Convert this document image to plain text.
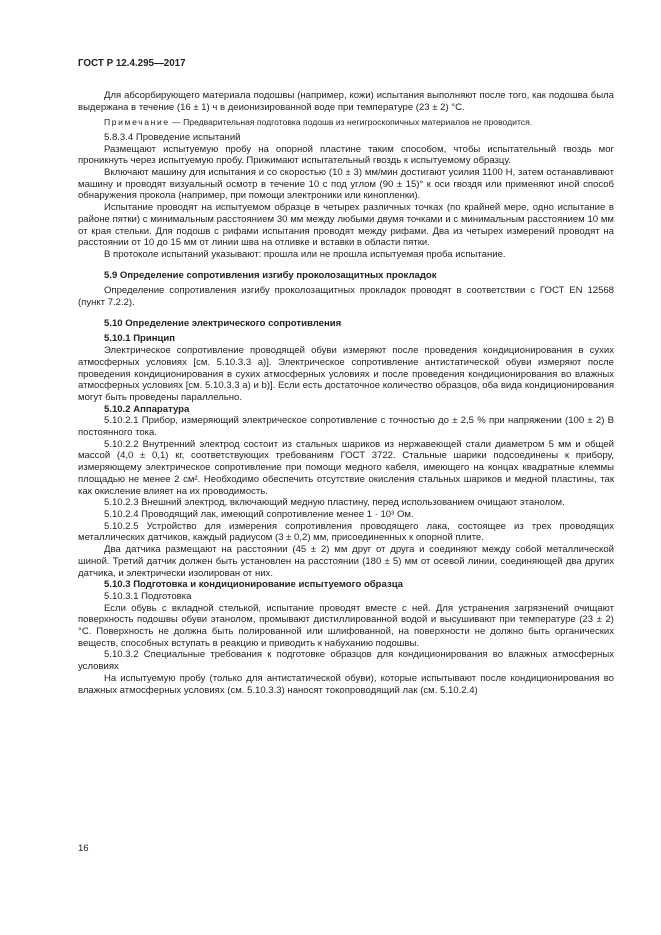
ГОСТ Р 12.4.295—2017

Для абсорбирующего материала подошвы (например, кожи) испытания выполняют после того, как подошва была выдержана в течение (16 ± 1) ч в деионизированной воде при температуре (23 ± 2) °С.

Примечание — Предварительная подготовка подошв из негигроскопичных материалов не проводится.

5.8.3.4 Проведение испытаний

Размещают испытуемую пробу на опорной пластине таким способом, чтобы испытательный гвоздь мог проникнуть через испытуемую пробу. Прижимают испытательный гвоздь к испытуемому образцу.

Включают машину для испытания и со скоростью (10 ± 3) мм/мин достигают усилия 1100 Н, затем останавливают машину и проводят визуальный осмотр в течение 10 с под углом (90 ± 15)° к оси гвоздя или применяют иной способ обнаружения прокола (например, при помощи электроники или кинопленки).

Испытание проводят на испытуемом образце в четырех различных точках (по крайней мере, одно испытание в районе пятки) с минимальным расстоянием 30 мм между любыми двумя точками и с минимальным расстоянием 10 мм от края стельки. Для подошв с рифами испытания проводят между рифами. Два из четырех измерений проводят на расстоянии от 10 до 15 мм от линии шва на отливке и вставки в области пятки.

В протоколе испытаний указывают: прошла или не прошла испытуемая проба испытание.

5.9 Определение сопротивления изгибу проколозащитных прокладок

Определение сопротивления изгибу проколозащитных прокладок проводят в соответствии с ГОСТ EN 12568 (пункт 7.2.2).

5.10 Определение электрического сопротивления

5.10.1 Принцип

Электрическое сопротивление проводящей обуви измеряют после проведения кондиционирования в сухих атмосферных условиях [см. 5.10.3.3 а)]. Электрическое сопротивление антистатической обуви измеряют после проведения кондиционирования в сухих атмосферных условиях и после проведения кондиционирования во влажных атмосферных условиях [см. 5.10.3.3 а) и b)]. Если есть достаточное количество образцов, оба вида кондиционирования могут быть проведены параллельно.

5.10.2 Аппаратура

5.10.2.1 Прибор, измеряющий электрическое сопротивление с точностью до ± 2,5 % при напряжении (100 ± 2) В постоянного тока.

5.10.2.2 Внутренний электрод состоит из стальных шариков из нержавеющей стали диаметром 5 мм и общей массой (4,0 ± 0,1) кг, соответствующих требованиям ГОСТ 3722. Стальные шарики подсоединены к прибору, измеряющему электрическое сопротивление при помощи медного кабеля, имеющего на концах квадратные клеммы площадью не менее 2 см². Необходимо обеспечить отсутствие окисления стальных шариков и медной пластины, так как окисление влияет на их проводимость.

5.10.2.3 Внешний электрод, включающий медную пластину, перед использованием очищают этанолом.

5.10.2.4 Проводящий лак, имеющий сопротивление менее 1 · 10³ Ом.

5.10.2.5 Устройство для измерения сопротивления проводящего лака, состоящее из трех проводящих металлических датчиков, каждый радиусом (3 ± 0,2) мм, присоединенных к опорной плите.

Два датчика размещают на расстоянии (45 ± 2) мм друг от друга и соединяют между собой металлической шиной. Третий датчик должен быть установлен на расстоянии (180 ± 5) мм от осевой линии, соединяющей два других датчика, и электрически изолирован от них.

5.10.3 Подготовка и кондиционирование испытуемого образца

5.10.3.1 Подготовка

Если обувь с вкладной стелькой, испытание проводят вместе с ней. Для устранения загрязнений очищают поверхность подошвы обуви этанолом, промывают дистиллированной водой и высушивают при температуре (23 ± 2) °С. Поверхность не должна быть полированной или шлифованной, на поверхности не должно быть органических веществ, способных вступать в реакцию и приводить к набуханию подошвы.

5.10.3.2 Специальные требования к подготовке образцов для кондиционирования во влажных атмосферных условиях

На испытуемую пробу (только для антистатической обуви), которые испытывают после кондиционирования во влажных атмосферных условиях (см. 5.10.3.3) наносят токопроводящий лак (см. 5.10.2.4)

16
